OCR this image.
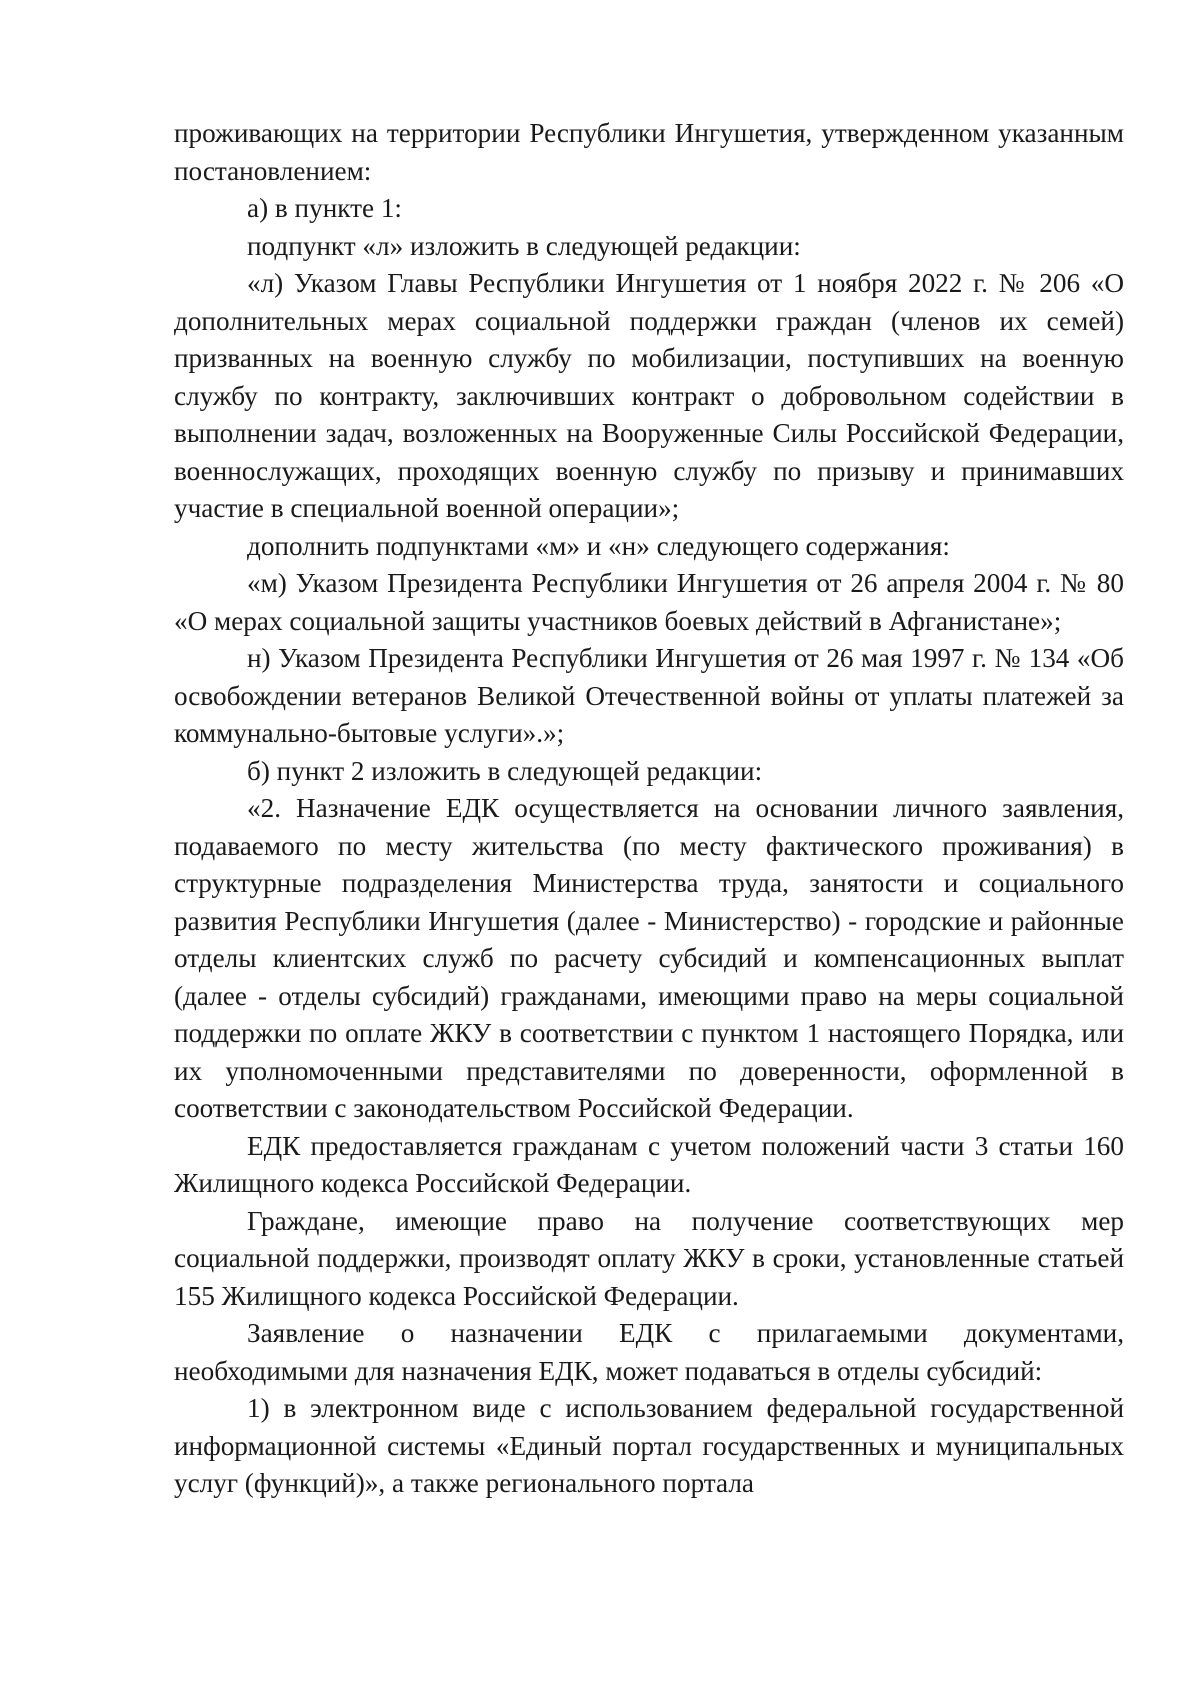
проживающих на территории Республики Ингушетия, утвержденном указанным постановлением:

а) в пункте 1:

подпункт «л» изложить в следующей редакции:

«л) Указом Главы Республики Ингушетия от 1 ноября 2022 г. № 206 «О дополнительных мерах социальной поддержки граждан (членов их семей) призванных на военную службу по мобилизации, поступивших на военную службу по контракту, заключивших контракт о добровольном содействии в выполнении задач, возложенных на Вооруженные Силы Российской Федерации, военнослужащих, проходящих военную службу по призыву и принимавших участие в специальной военной операции»;

дополнить подпунктами «м» и «н» следующего содержания:

«м) Указом Президента Республики Ингушетия от 26 апреля 2004 г. № 80 «О мерах социальной защиты участников боевых действий в Афганистане»;

н) Указом Президента Республики Ингушетия от 26 мая 1997 г. № 134 «Об освобождении ветеранов Великой Отечественной войны от уплаты платежей за коммунально-бытовые услуги».»;

б) пункт 2 изложить в следующей редакции:

«2. Назначение ЕДК осуществляется на основании личного заявления, подаваемого по месту жительства (по месту фактического проживания) в структурные подразделения Министерства труда, занятости и социального развития Республики Ингушетия (далее - Министерство) - городские и районные отделы клиентских служб по расчету субсидий и компенсационных выплат (далее - отделы субсидий) гражданами, имеющими право на меры социальной поддержки по оплате ЖКУ в соответствии с пунктом 1 настоящего Порядка, или их уполномоченными представителями по доверенности, оформленной в соответствии с законодательством Российской Федерации.

ЕДК предоставляется гражданам с учетом положений части 3 статьи 160 Жилищного кодекса Российской Федерации.

Граждане, имеющие право на получение соответствующих мер социальной поддержки, производят оплату ЖКУ в сроки, установленные статьей 155 Жилищного кодекса Российской Федерации.

Заявление о назначении ЕДК с прилагаемыми документами, необходимыми для назначения ЕДК, может подаваться в отделы субсидий:

1) в электронном виде с использованием федеральной государственной информационной системы «Единый портал государственных и муниципальных услуг (функций)», а также регионального портала
